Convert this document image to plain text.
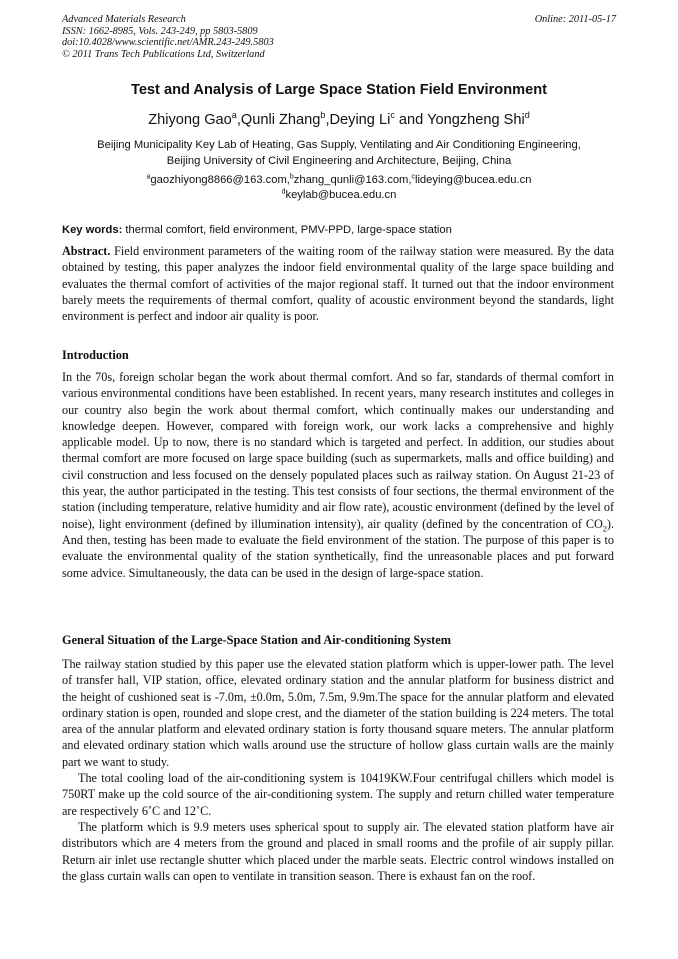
Advanced Materials Research
ISSN: 1662-8985, Vols. 243-249, pp 5803-5809
doi:10.4028/www.scientific.net/AMR.243-249.5803
© 2011 Trans Tech Publications Ltd, Switzerland
Online: 2011-05-17
Test and Analysis of Large Space Station Field Environment
Zhiyong Gao$^a$,Qunli Zhang$^b$,Deying Li$^c$ and Yongzheng Shi$^d$
Beijing Municipality Key Lab of Heating, Gas Supply, Ventilating and Air Conditioning Engineering,
Beijing University of Civil Engineering and Architecture, Beijing, China
$^a$gaozhiyong8866@163.com,$^b$zhang_qunli@163.com,$^c$lideying@bucea.edu.cn
$^d$keylab@bucea.edu.cn
Key words: thermal comfort, field environment, PMV-PPD, large-space station

Abstract. Field environment parameters of the waiting room of the railway station were measured. By the data obtained by testing, this paper analyzes the indoor field environmental quality of the large space building and evaluates the thermal comfort of activities of the major regional staff. It turned out that the indoor environment barely meets the requirements of thermal comfort, quality of acoustic environment beyond the standards, light environment is perfect and indoor air quality is poor.

Introduction

In the 70s, foreign scholar began the work about thermal comfort. And so far, standards of thermal comfort in various environmental conditions have been established. In recent years, many research institutes and colleges in our country also begin the work about thermal comfort, which continually makes our understanding and knowledge deepen. However, compared with foreign work, our work lacks a comprehensive and highly applicable model. Up to now, there is no standard which is targeted and perfect. In addition, our studies about thermal comfort are more focused on large space building (such as supermarkets, malls and office building) and civil construction and less focused on the densely populated places such as railway station. On August 21-23 of this year, the author participated in the testing. This test consists of four sections, the thermal environment of the station (including temperature, relative humidity and air flow rate), acoustic environment (defined by the level of noise), light environment (defined by illumination intensity), air quality (defined by the concentration of $CO_2$). And then, testing has been made to evaluate the field environment of the station. The purpose of this paper is to evaluate the environmental quality of the station synthetically, find the unreasonable places and put forward some advice. Simultaneously, the data can be used in the design of large-space station.

General Situation of the Large-Space Station and Air-conditioning System

The railway station studied by this paper use the elevated station platform which is upper-lower path. The level of transfer hall, VIP station, office, elevated ordinary station and the annular platform for business district and the height of cushioned seat is -7.0m, ±0.0m, 5.0m, 7.5m, 9.9m.The space for the annular platform and elevated ordinary station is open, rounded and slope crest, and the diameter of the station building is 224 meters. The total area of the annular platform and elevated ordinary station is forty thousand square meters. The annular platform and elevated ordinary station which walls around use the structure of hollow glass curtain walls are the mainly part we want to study.

The total cooling load of the air-conditioning system is 10419KW.Four centrifugal chillers which model is 750RT make up the cold source of the air-conditioning system. The supply and return chilled water temperature are respectively 6˚C and 12˚C.

The platform which is 9.9 meters uses spherical spout to supply air. The elevated station platform have air distributors which are 4 meters from the ground and placed in small rooms and the profile of air supply pillar. Return air inlet use rectangle shutter which placed under the marble seats. Electric control windows installed on the glass curtain walls can open to ventilate in transition season. There is exhaust fan on the roof.
